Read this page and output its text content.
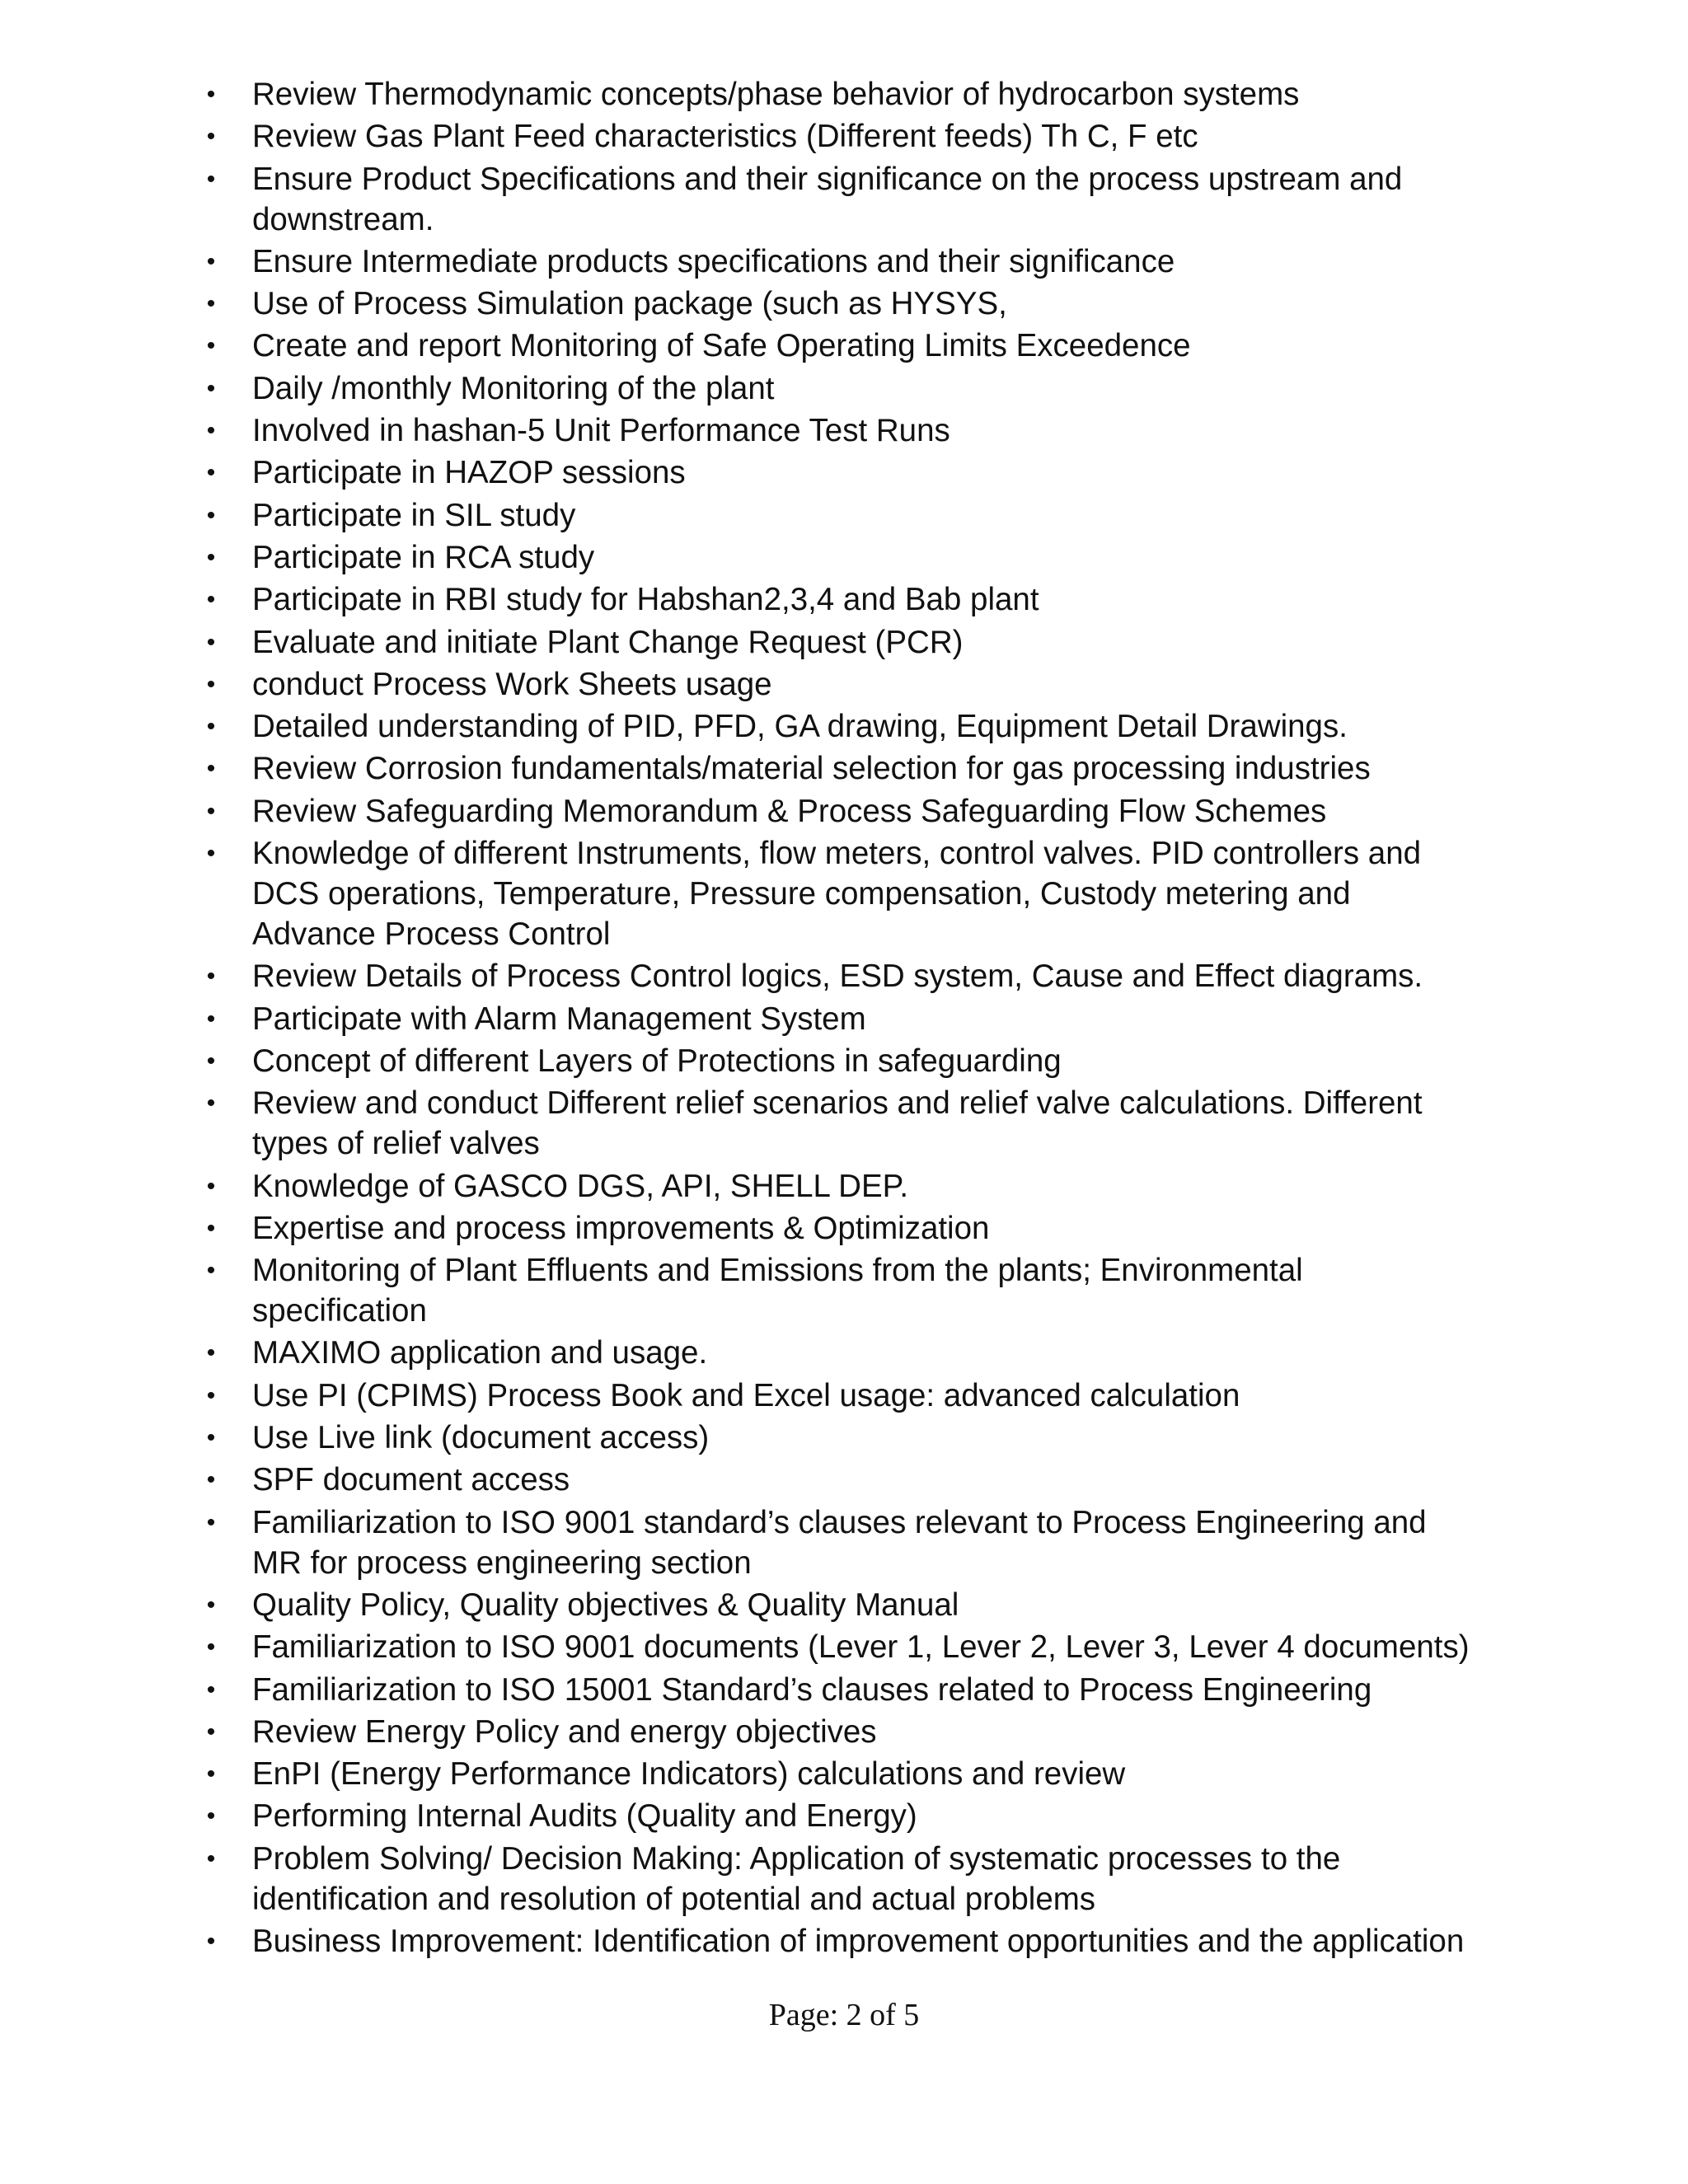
• Review Thermodynamic concepts/phase behavior of hydrocarbon systems
• Review Gas Plant Feed characteristics (Different feeds) Th C, F etc
• Ensure Product Specifications and their significance on the process upstream and
downstream.
• Ensure Intermediate products specifications and their significance
• Use of Process Simulation package (such as HYSYS,
• Create and report Monitoring of Safe Operating Limits Exceedence
• Daily /monthly Monitoring of the plant
• Involved in hashan-5 Unit Performance Test Runs
• Participate in HAZOP sessions
• Participate in SIL study
• Participate in RCA study
• Participate in RBI study for Habshan2,3,4 and Bab plant
• Evaluate and initiate Plant Change Request (PCR)
• conduct Process Work Sheets usage
• Detailed understanding of PID, PFD, GA drawing, Equipment Detail Drawings.
• Review Corrosion fundamentals/material selection for gas processing industries
• Review Safeguarding Memorandum & Process Safeguarding Flow Schemes
• Knowledge of different Instruments, flow meters, control valves. PID controllers and
DCS operations, Temperature, Pressure compensation, Custody metering and
Advance Process Control
• Review Details of Process Control logics, ESD system, Cause and Effect diagrams.
• Participate with Alarm Management System
• Concept of different Layers of Protections in safeguarding
• Review and conduct Different relief scenarios and relief valve calculations. Different
types of relief valves
• Knowledge of GASCO DGS, API, SHELL DEP.
• Expertise and process improvements & Optimization
• Monitoring of Plant Effluents and Emissions from the plants; Environmental
specification
• MAXIMO application and usage.
• Use PI (CPIMS) Process Book and Excel usage: advanced calculation
• Use Live link (document access)
• SPF document access
• Familiarization to ISO 9001 standard’s clauses relevant to Process Engineering and
MR for process engineering section
• Quality Policy, Quality objectives & Quality Manual
• Familiarization to ISO 9001 documents (Lever 1, Lever 2, Lever 3, Lever 4 documents)
• Familiarization to ISO 15001 Standard’s clauses related to Process Engineering
• Review Energy Policy and energy objectives
• EnPI (Energy Performance Indicators) calculations and review
• Performing Internal Audits (Quality and Energy)
• Problem Solving/ Decision Making: Application of systematic processes to the
identification and resolution of potential and actual problems
• Business Improvement: Identification of improvement opportunities and the application
Page: 2 of 5
